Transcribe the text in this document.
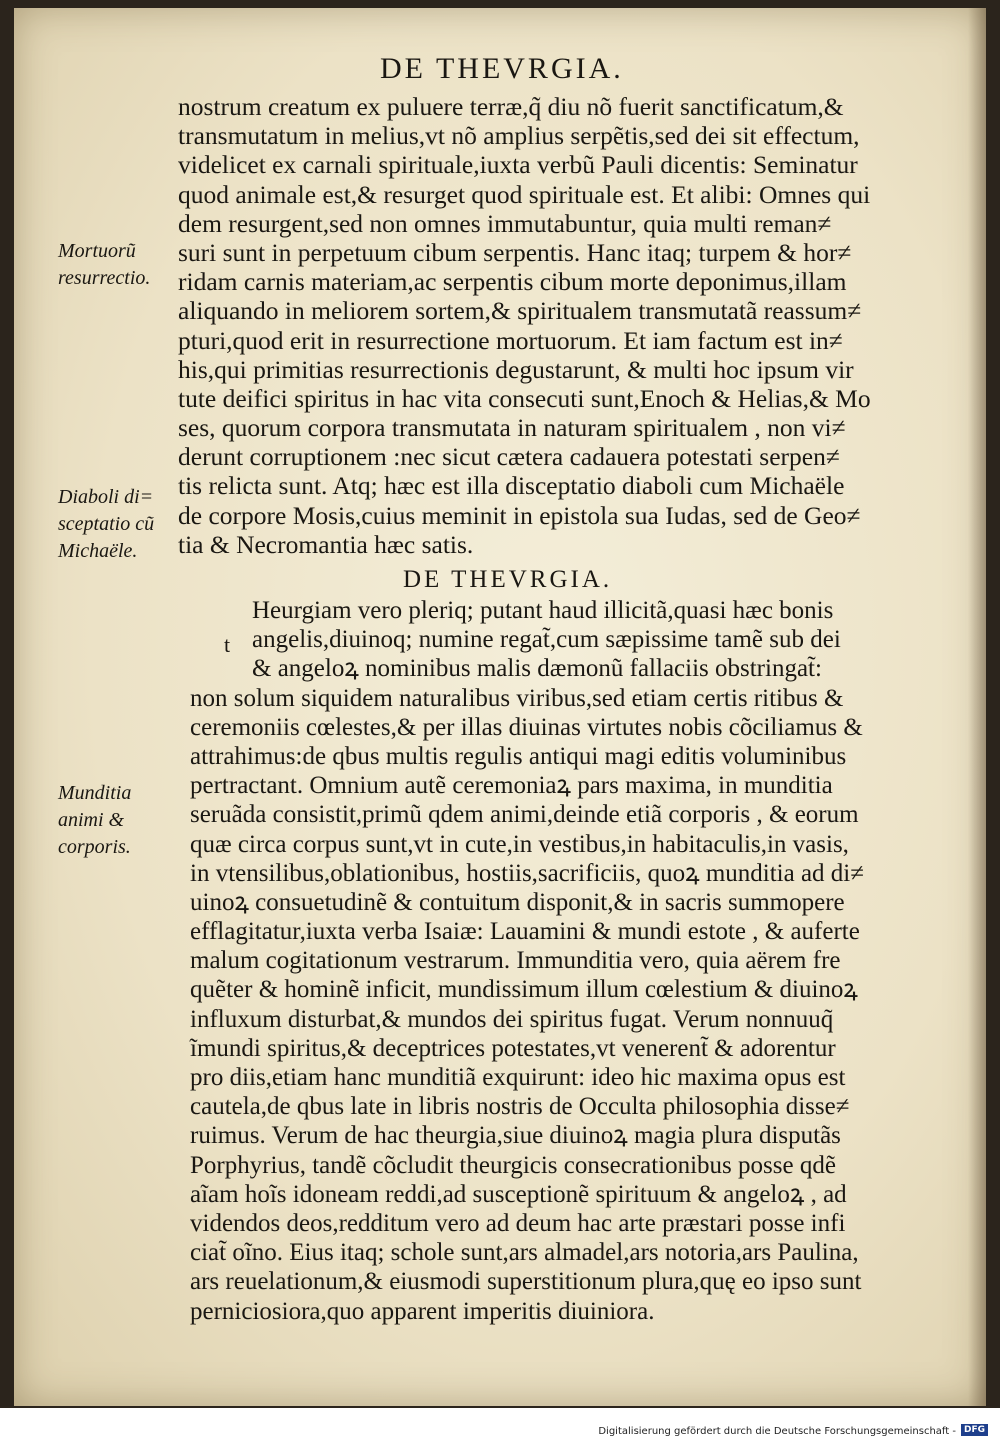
DE THEVRGIA.
nostrum creatum ex puluere terræ,q̃ diu nõ fuerit sanctificatum,&
transmutatum in melius,vt nõ amplius serpẽtis,sed dei sit effectum,
videlicet ex carnali spirituale,iuxta verbũ Pauli dicentis: Seminatur
quod animale est,& resurget quod spirituale est. Et alibi: Omnes qui
dem resurgent,sed non omnes immutabuntur, quia multi reman≠
suri sunt in perpetuum cibum serpentis. Hanc itaq; turpem & hor≠
ridam carnis materiam,ac serpentis cibum morte deponimus,illam
aliquando in meliorem sortem,& spiritualem transmutatã reassum≠
pturi,quod erit in resurrectione mortuorum. Et iam factum est in≠
his,qui primitias resurrectionis degustarunt, & multi hoc ipsum vir
tute deifici spiritus in hac vita consecuti sunt,Enoch & Helias,& Mo
ses, quorum corpora transmutata in naturam spiritualem , non vi≠
derunt corruptionem :nec sicut cætera cadauera potestati serpen≠
tis relicta sunt. Atq; hæc est illa disceptatio diaboli cum Michaële
de corpore Mosis,cuius meminit in epistola sua Iudas, sed de Geo≠
tia & Necromantia hæc satis.
DE THEVRGIA.
t
Heurgiam vero pleriq; putant haud illicitã,quasi hæc bonis
angelis,diuinoq; numine regat̃,cum sæpissime tamẽ sub dei
& angeloꝝ nominibus malis dæmonũ fallaciis obstringat̃:
non solum siquidem naturalibus viribus,sed etiam certis ritibus &
ceremoniis cœlestes,& per illas diuinas virtutes nobis cõciliamus &
attrahimus:de qbus multis regulis antiqui magi editis voluminibus
pertractant. Omnium autẽ ceremoniaꝝ pars maxima, in munditia
seruãda consistit,primũ qdem animi,deinde etiã corporis , & eorum
quæ circa corpus sunt,vt in cute,in vestibus,in habitaculis,in vasis,
in vtensilibus,oblationibus, hostiis,sacrificiis, quoꝝ munditia ad di≠
uinoꝝ consuetudinẽ & contuitum disponit,& in sacris summopere
efflagitatur,iuxta verba Isaiæ: Lauamini & mundi estote , & auferte
malum cogitationum vestrarum. Immunditia vero, quia aërem fre
quẽter & hominẽ inficit, mundissimum illum cœlestium & diuinoꝝ
influxum disturbat,& mundos dei spiritus fugat. Verum nonnuuq̃
ĩmundi spiritus,& deceptrices potestates,vt venerent̃ & adorentur
pro diis,etiam hanc munditiã exquirunt: ideo hic maxima opus est
cautela,de qbus late in libris nostris de Occulta philosophia disse≠
ruimus. Verum de hac theurgia,siue diuinoꝝ magia plura disputãs
Porphyrius, tandẽ cõcludit theurgicis consecrationibus posse qdẽ
aĩam hoĩs idoneam reddi,ad susceptionẽ spirituum & angeloꝝ , ad
videndos deos,redditum vero ad deum hac arte præstari posse infi
ciat̃ oĩno. Eius itaq; schole sunt,ars almadel,ars notoria,ars Paulina,
ars reuelationum,& eiusmodi superstitionum plura,quę eo ipso sunt
perniciosiora,quo apparent imperitis diuiniora.
Mortuorũ
resurrectio.
Diaboli di=
sceptatio cũ
Michaële.
Munditia
animi &
corporis.
Digitalisierung gefördert durch die Deutsche Forschungsgemeinschaft - DFG
